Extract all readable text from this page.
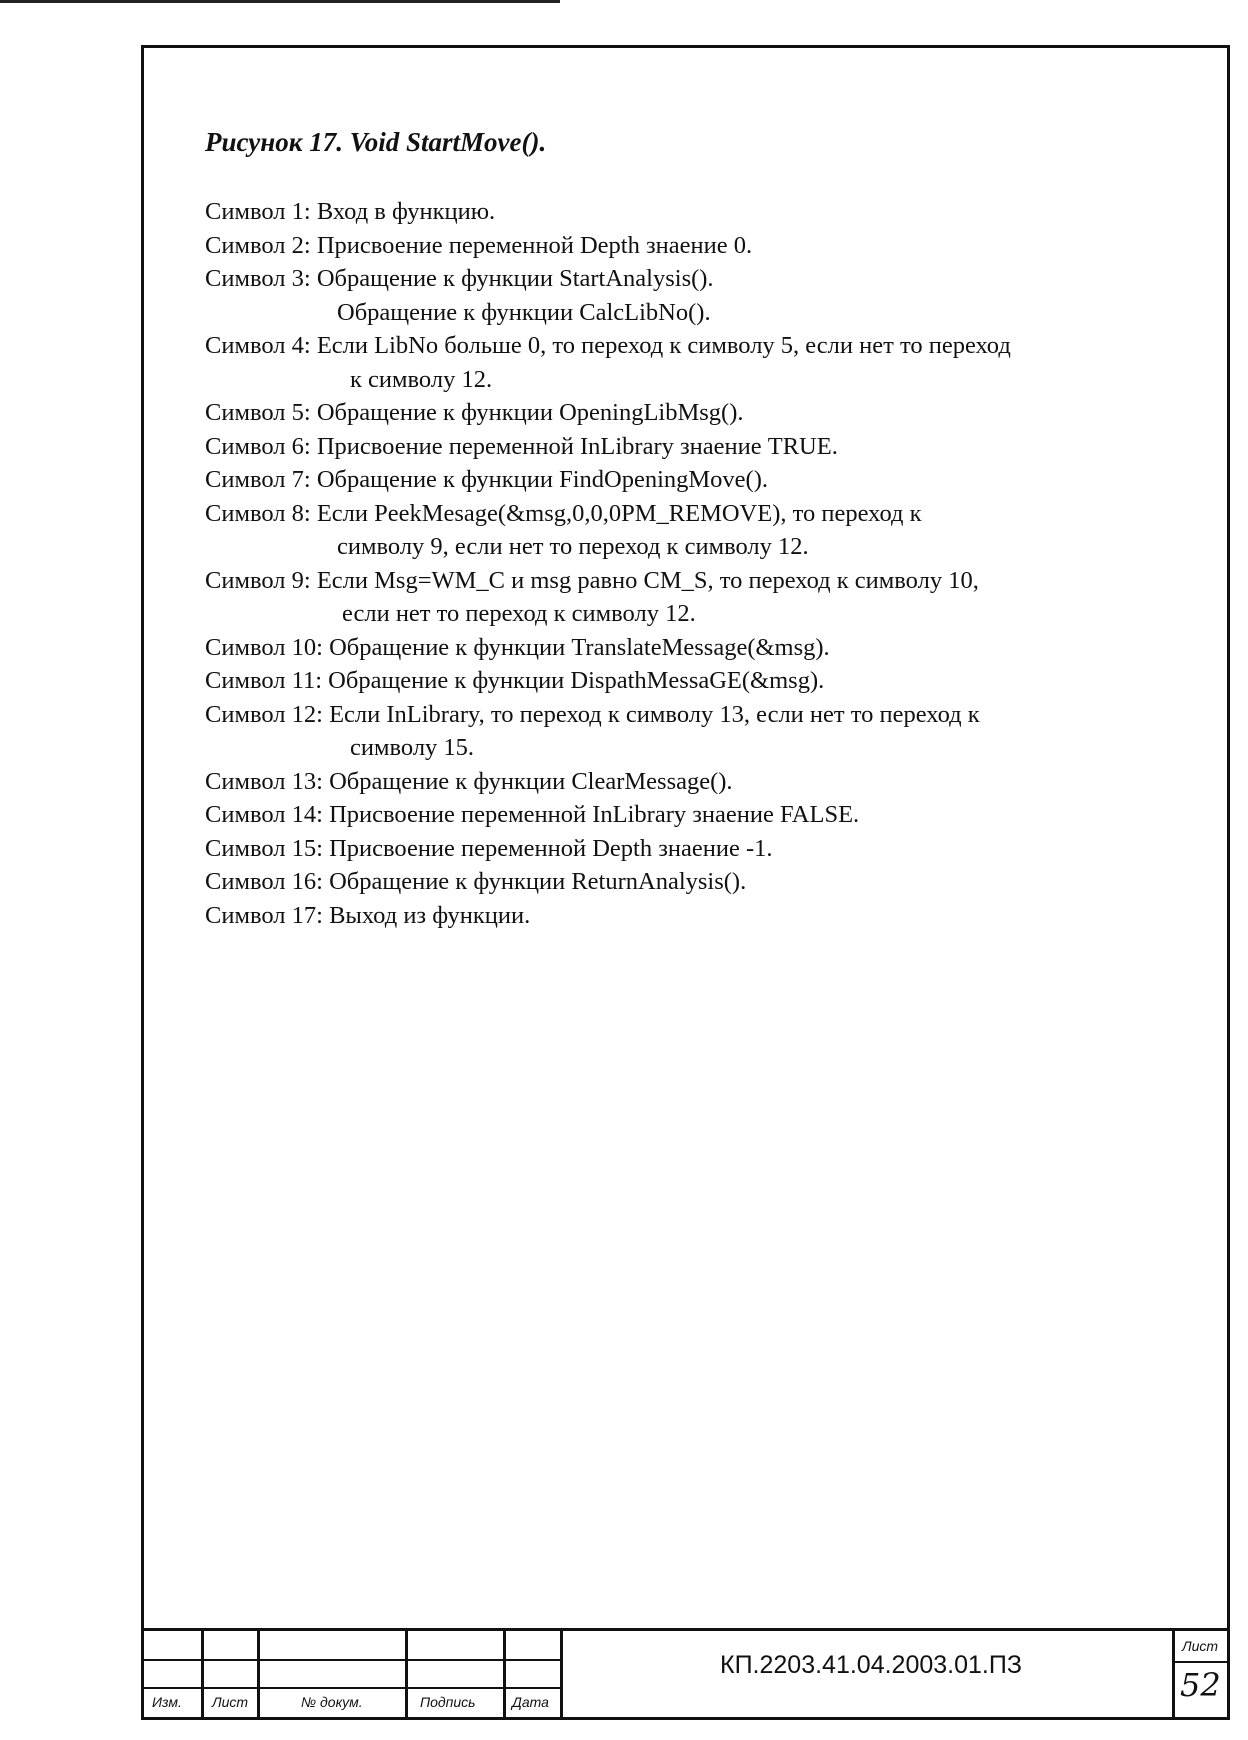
Рисунок 17. Void StartMove().
Символ 1: Вход в функцию.
Символ 2: Присвоение переменной Depth знаение 0.
Символ 3: Обращение к функции StartAnalysis().
Обращение к функции CalcLibNo().
Символ 4: Если LibNo больше 0, то переход к символу 5, если нет то переход
к символу 12.
Символ 5: Обращение к функции OpeningLibMsg().
Символ 6: Присвоение переменной InLibrary знаение TRUE.
Символ 7: Обращение к функции FindOpeningMove().
Символ 8: Если PeekMesage(&msg,0,0,0PM_REMOVE), то переход к
символу 9, если нет то переход к символу 12.
Символ 9: Если Msg=WM_C и msg равно CM_S, то переход к символу 10,
если нет то переход к символу 12.
Символ 10: Обращение к функции TranslateMessage(&msg).
Символ 11: Обращение к функции DispathMessaGE(&msg).
Символ 12: Если InLibrary, то переход к символу 13, если нет то переход к
символу 15.
Символ 13: Обращение к функции ClearMessage().
Символ 14: Присвоение переменной InLibrary знаение FALSE.
Символ 15: Присвоение переменной Depth знаение -1.
Символ 16: Обращение к функции ReturnAnalysis().
Символ 17: Выход из функции.
Изм. Лист	№ докум.	Подпись	Дата
Лист
КП.2203.41.04.2003.01.ПЗ
52
